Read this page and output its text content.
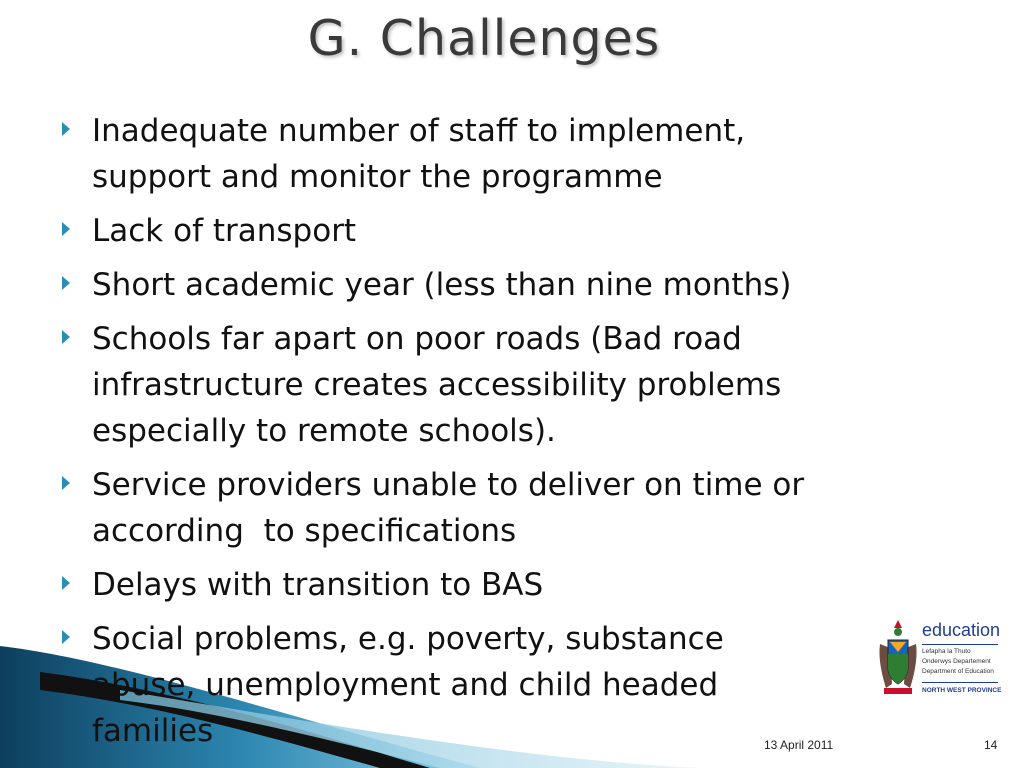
G. Challenges
Inadequate number of staff to implement,
support and monitor the programme
Lack of transport
Short academic year (less than nine months)
Schools far apart on poor roads (Bad road
infrastructure creates accessibility problems
especially to remote schools).
Service providers unable to deliver on time or
according  to specifications
Delays with transition to BAS
Social problems, e.g. poverty, substance
abuse, unemployment and child headed
families
education
Lefapha la Thuto
Onderwys Departement
Department of Education
NORTH WEST PROVINCE
13 April 2011	14
